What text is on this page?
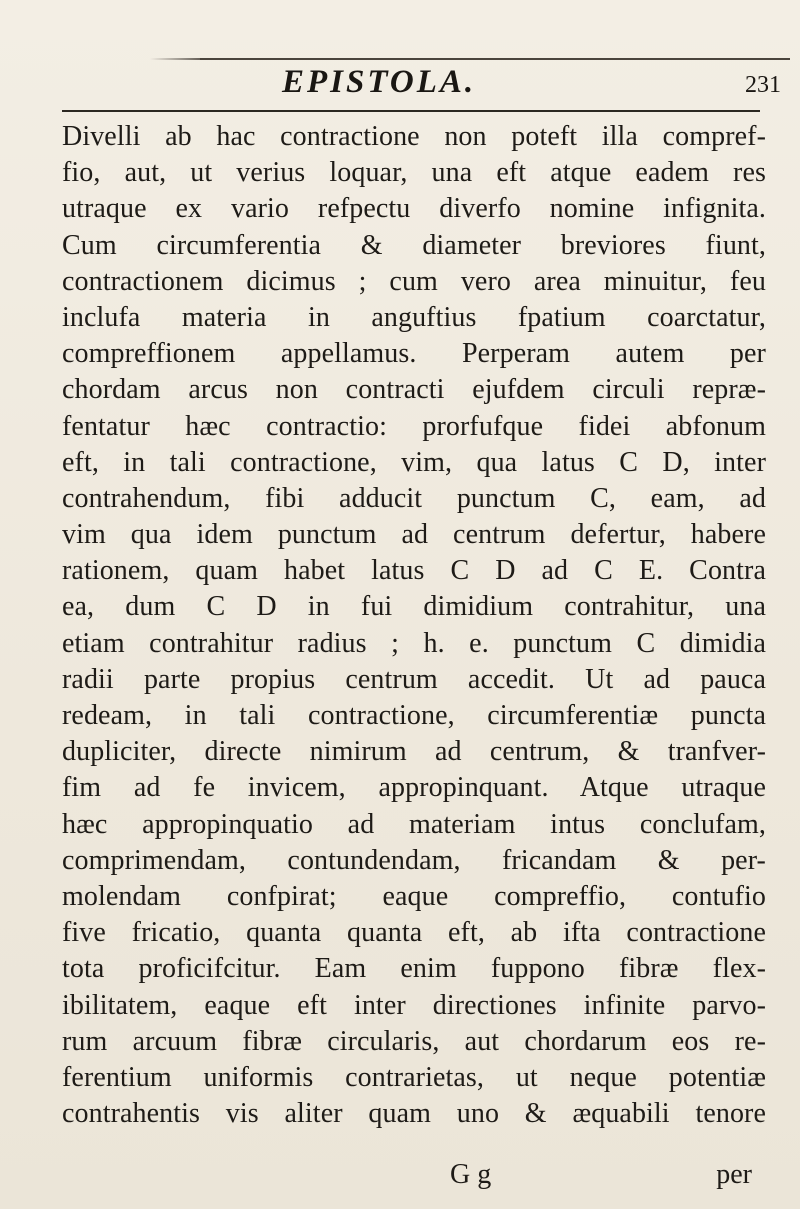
EPISTOLA.	231
Divelli ab hac contractione non poteft illa compref-
fio, aut, ut verius loquar, una eft atque eadem res
utraque ex vario refpectu diverfo nomine infignita.
Cum circumferentia & diameter breviores fiunt,
contractionem dicimus ; cum vero area minuitur, feu
inclufa materia in anguftius fpatium coarctatur,
compreffionem appellamus. Perperam autem per
chordam arcus non contracti ejufdem circuli repræ-
fentatur hæc contractio: prorfufque fidei abfonum
eft, in tali contractione, vim, qua latus C D, inter
contrahendum, fibi adducit punctum C, eam, ad
vim qua idem punctum ad centrum defertur, habere
rationem, quam habet latus C D ad C E. Contra
ea, dum C D in fui dimidium contrahitur, una
etiam contrahitur radius ; h. e. punctum C dimidia
radii parte propius centrum accedit. Ut ad pauca
redeam, in tali contractione, circumferentiæ puncta
dupliciter, directe nimirum ad centrum, & tranfver-
fim ad fe invicem, appropinquant. Atque utraque
hæc appropinquatio ad materiam intus conclufam,
comprimendam, contundendam, fricandam & per-
molendam confpirat; eaque compreffio, contufio
five fricatio, quanta quanta eft, ab ifta contractione
tota proficifcitur. Eam enim fuppono fibræ flex-
ibilitatem, eaque eft inter directiones infinite parvo-
rum arcuum fibræ circularis, aut chordarum eos re-
ferentium uniformis contrarietas, ut neque potentiæ
contrahentis vis aliter quam uno & æquabili tenore
G g	per
